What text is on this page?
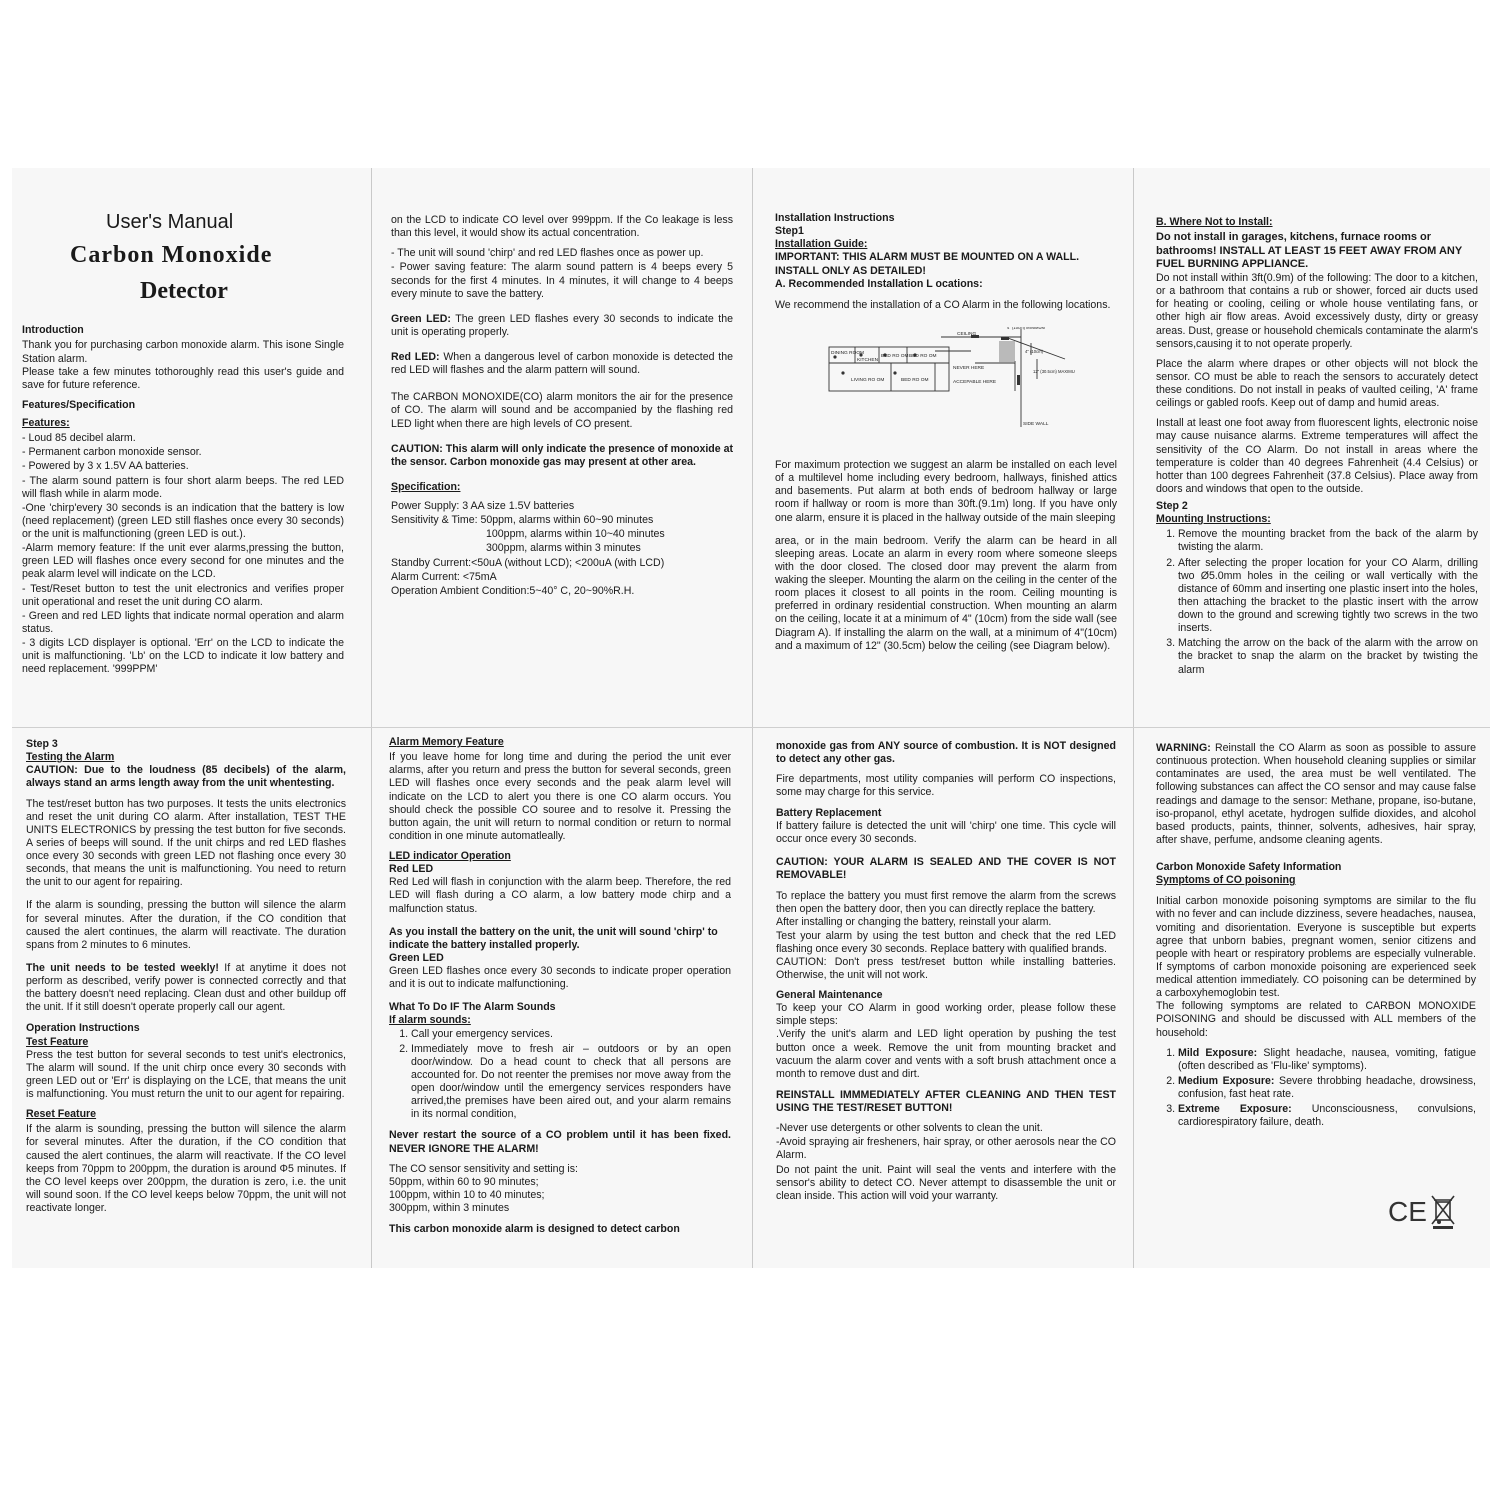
User's Manual
Carbon Monoxide
Detector
Introduction

Thank you for purchasing carbon monoxide alarm. This isone Single Station alarm.

Please take a few minutes tothoroughly read this user's guide and save for future reference.

Features/Specification
Features:
- Loud 85 decibel alarm.
- Permanent carbon monoxide sensor.
- Powered by 3 x 1.5V AA batteries.
- The alarm sound pattern is four short alarm beeps. The red LED will flash while in alarm mode.
-One 'chirp'every 30 seconds is an indication that the battery is low (need replacement) (green LED still flashes once every 30 seconds) or the unit is malfunctioning (green LED is out.).
-Alarm memory feature: If the unit ever alarms,pressing the button, green LED will flashes once every second for one minutes and the peak alarm level will indicate on the LCD.
- Test/Reset button to test the unit electronics and verifies proper unit operational and reset the unit during CO alarm.
- Green and red LED lights that indicate normal operation and alarm status.
- 3 digits LCD displayer is optional. 'Err' on the LCD to indicate the unit is malfunctioning. 'Lb' on the LCD to indicate it low battery and need replacement. '999PPM'

on the LCD to indicate CO level over 999ppm. If the Co leakage is less than this level, it would show its actual concentration.

- The unit will sound 'chirp' and red LED flashes once as power up.
- Power saving feature: The alarm sound pattern is 4 beeps every 5 seconds for the first 4 minutes. In 4 minutes, it will change to 4 beeps every minute to save the battery.

Green LED: The green LED flashes every 30 seconds to indicate the unit is operating properly.

Red LED: When a dangerous level of carbon monoxide is detected the red LED will flashes and the alarm pattern will sound.

The CARBON MONOXIDE(CO) alarm monitors the air for the presence of CO. The alarm will sound and be accompanied by the flashing red LED light when there are high levels of CO present.

CAUTION: This alarm will only indicate the presence of monoxide at the sensor. Carbon monoxide gas may present at other area.

Specification:
Power Supply: 3 AA size 1.5V batteries
Sensitivity & Time: 50ppm, alarms within 60~90 minutes
100ppm, alarms within 10~40 minutes
300ppm, alarms within 3 minutes
Standby Current:<50uA (without LCD); <200uA (with LCD)
Alarm Current: <75mA
Operation Ambient Condition:5~40° C, 20~90%R.H.
Installation Instructions
Step1
Installation Guide:
IMPORTANT: THIS ALARM MUST BE MOUNTED ON A WALL. INSTALL ONLY AS DETAILED!
A. Recommended Installation L ocations:

We recommend the installation of a CO Alarm in the following locations.

CEILING
DINING ROOM
KITCHEN
BED RO OM BED RO OM
LIVING RO OM	BED RO OM
4" (10cm) MINIMUM
4" (10cm)
12" (30.5cm) MAXIMUM
NEVER HERE
ACCEPABLE HERE
SIDE WALL

For maximum protection we suggest an alarm be installed on each level of a multilevel home including every bedroom, hallways, finished attics and basements. Put alarm at both ends of bedroom hallway or large room if hallway or room is more than 30ft.(9.1m) long. If you have only one alarm, ensure it is placed in the hallway outside of the main sleeping

area, or in the main bedroom. Verify the alarm can be heard in all sleeping areas. Locate an alarm in every room where someone sleeps with the door closed. The closed door may prevent the alarm from waking the sleeper. Mounting the alarm on the ceiling in the center of the room places it closest to all points in the room. Ceiling mounting is preferred in ordinary residential construction. When mounting an alarm on the ceiling, locate it at a minimum of 4" (10cm) from the side wall (see Diagram A). If installing the alarm on the wall, at a minimum of 4"(10cm) and a maximum of 12" (30.5cm) below the ceiling (see Diagram below).

B. Where Not to Install:
Do not install in garages, kitchens, furnace rooms or bathrooms! INSTALL AT LEAST 15 FEET AWAY FROM ANY FUEL BURNING APPLIANCE.

Do not install within 3ft(0.9m) of the following: The door to a kitchen, or a bathroom that contains a rub or shower, forced air ducts used for heating or cooling, ceiling or whole house ventilating fans, or other high air flow areas. Avoid excessively dusty, dirty or greasy areas. Dust, grease or household chemicals contaminate the alarm's sensors,causing it to not operate properly.

Place the alarm where drapes or other objects will not block the sensor. CO must be able to reach the sensors to accurately detect these conditions. Do not install in peaks of vaulted ceiling, 'A' frame ceilings or gabled roofs. Keep out of damp and humid areas.

Install at least one foot away from fluorescent lights, electronic noise may cause nuisance alarms. Extreme temperatures will affect the sensitivity of the CO Alarm. Do not install in areas where the temperature is colder than 40 degrees Fahrenheit (4.4 Celsius) or hotter than 100 degrees Fahrenheit (37.8 Celsius). Place away from doors and windows that open to the outside.

Step 2
Mounting Instructions:
1. Remove the mounting bracket from the back of the alarm by twisting the alarm.
2. After selecting the proper location for your CO Alarm, drilling two Ø5.0mm holes in the ceiling or wall vertically with the distance of 60mm and inserting one plastic insert into the holes, then attaching the bracket to the plastic insert with the arrow down to the ground and screwing tightly two screws in the two inserts.
3. Matching the arrow on the back of the alarm with the arrow on the bracket to snap the alarm on the bracket by twisting the alarm
Step 3
Testing the Alarm

CAUTION: Due to the loudness (85 decibels) of the alarm, always stand an arms length away from the unit whentesting.

The test/reset button has two purposes. It tests the units electronics and reset the unit during CO alarm. After installation, TEST THE UNITS ELECTRONICS by pressing the test button for five seconds. A series of beeps will sound. If the unit chirps and red LED flashes once every 30 seconds with green LED not flashing once every 30 seconds, that means the unit is malfunctioning. You need to return the unit to our agent for repairing.

If the alarm is sounding, pressing the button will silence the alarm for several minutes. After the duration, if the CO condition that caused the alert continues, the alarm will reactivate. The duration spans from 2 minutes to 6 minutes.

The unit needs to be tested weekly! If at anytime it does not perform as described, verify power is connected correctly and that the battery doesn't need replacing. Clean dust and other buildup off the unit. If it still doesn't operate properly call our agent.

Operation Instructions
Test Feature

Press the test button for several seconds to test unit's electronics, The alarm will sound. If the unit chirp once every 30 seconds with green LED out or 'Err' is displaying on the LCE, that means the unit is malfunctioning. You must return the unit to our agent for repairing.

Reset Feature

If the alarm is sounding, pressing the button will silence the alarm for several minutes. After the duration, if the CO condition that caused the alert continues, the alarm will reactivate. If the CO level keeps from 70ppm to 200ppm, the duration is around Φ5 minutes. If the CO level keeps over 200ppm, the duration is zero, i.e. the unit will sound soon. If the CO level keeps below 70ppm, the unit will not reactivate longer.

Alarm Memory Feature

If you leave home for long time and during the period the unit ever alarms, after you return and press the button for several seconds, green LED will flashes once every seconds and the peak alarm level will indicate on the LCD to alert you there is one CO alarm occurs. You should check the possible CO souree and to resolve it. Pressing the button again, the unit will return to normal condition or return to normal condition in one minute automatleally.

LED indicator Operation
Red LED

Red Led will flash in conjunction with the alarm beep. Therefore, the red LED will flash during a CO alarm, a low battery mode chirp and a malfunction status.

As you install the battery on the unit, the unit will sound 'chirp' to indicate the battery installed properly.
Green LED

Green LED flashes once every 30 seconds to indicate proper operation and it is out to indicate malfunctioning.

What To Do IF The Alarm Sounds
If alarm sounds:
1. Call your emergency services.
2. Immediately move to fresh air – outdoors or by an open door/window. Do a head count to check that all persons are accounted for. Do not reenter the premises nor move away from the open door/window until the emergency services responders have arrived,the premises have been aired out, and your alarm remains in its normal condition,

Never restart the source of a CO problem until it has been fixed. NEVER IGNORE THE ALARM!

The CO sensor sensitivity and setting is:
50ppm, within 60 to 90 minutes;
100ppm, within 10 to 40 minutes;
300ppm, within 3 minutes

This carbon monoxide alarm is designed to detect carbon

monoxide gas from ANY source of combustion. It is NOT designed to detect any other gas.

Fire departments, most utility companies will perform CO inspections, some may charge for this service.

Battery Replacement

If battery failure is detected the unit will 'chirp' one time. This cycle will occur once every 30 seconds.

CAUTION: YOUR ALARM IS SEALED AND THE COVER IS NOT REMOVABLE!

To replace the battery you must first remove the alarm from the screws then open the battery door, then you can directly replace the battery.

After installing or changing the battery, reinstall your alarm.

Test your alarm by using the test button and check that the red LED flashing once every 30 seconds. Replace battery with qualified brands.

CAUTION: Don't press test/reset button while installing batteries. Otherwise, the unit will not work.

General Maintenance

To keep your CO Alarm in good working order, please follow these simple steps:

.Verify the unit's alarm and LED light operation by pushing the test button once a week. Remove the unit from mounting bracket and vacuum the alarm cover and vents with a soft brush attachment once a month to remove dust and dirt.

REINSTALL IMMMEDIATELY AFTER CLEANING AND THEN TEST USING THE TEST/RESET BUTTON!

-Never use detergents or other solvents to clean the unit.
-Avoid spraying air fresheners, hair spray, or other aerosols near the CO Alarm.
Do not paint the unit. Paint will seal the vents and interfere with the sensor's ability to detect CO. Never attempt to disassemble the unit or clean inside. This action will void your warranty.

WARNING: Reinstall the CO Alarm as soon as possible to assure continuous protection. When household cleaning supplies or similar contaminates are used, the area must be well ventilated. The following substances can affect the CO sensor and may cause false readings and damage to the sensor: Methane, propane, iso-butane, iso-propanol, ethyl acetate, hydrogen sulfide dioxides, and alcohol based products, paints, thinner, solvents, adhesives, hair spray, after shave, perfume, andsome cleaning agents.

Carbon Monoxide Safety Information
Symptoms of CO poisoning

Initial carbon monoxide poisoning symptoms are similar to the flu with no fever and can include dizziness, severe headaches, nausea, vomiting and disorientation. Everyone is susceptible but experts agree that unborn babies, pregnant women, senior citizens and people with heart or respiratory problems are especially vulnerable. If symptoms of carbon monoxide poisoning are experienced seek medical attention immediately. CO poisoning can be determined by a carboxyhemoglobin test.

The following symptoms are related to CARBON MONOXIDE POISONING and should be discussed with ALL members of the household:

1. Mild Exposure: Slight headache, nausea, vomiting, fatigue (often described as 'Flu-like' symptoms).
2. Medium Exposure: Severe throbbing headache, drowsiness, confusion, fast heat rate.
3. Extreme Exposure: Unconsciousness, convulsions, cardiorespiratory failure, death.
CE
